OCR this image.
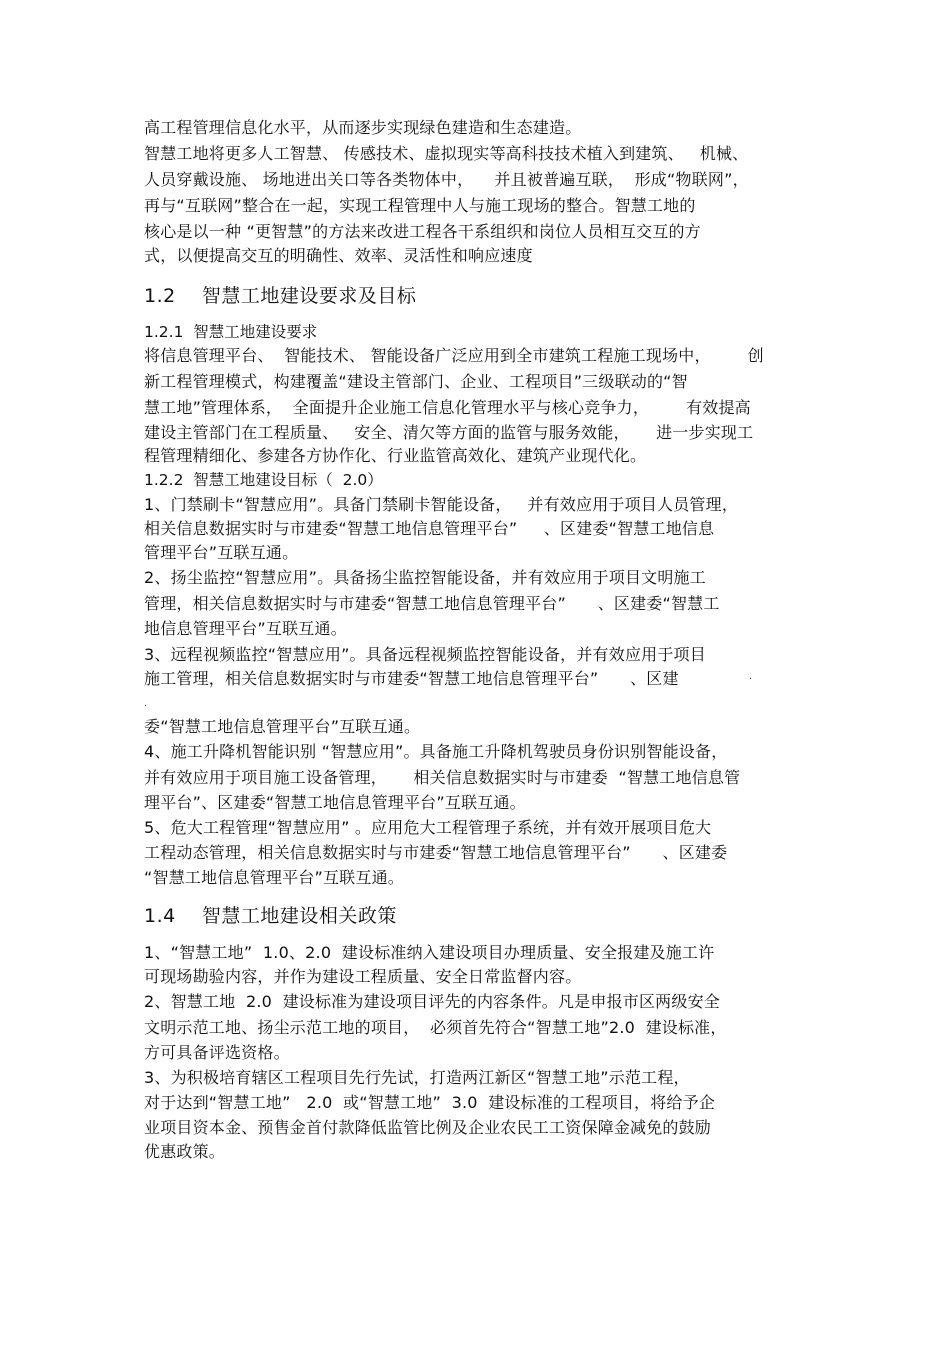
高工程管理信息化水平，从而逐步实现绿色建造和生态建造。
智慧工地将更多人工智慧、 传感技术、虚拟现实等高科技技术植入到建筑、   机械、
人员穿戴设施、 场地进出关口等各类物体中，    并且被普遍互联，  形成“物联网”，
再与“互联网”整合在一起，实现工程管理中人与施工现场的整合。智慧工地的
核心是以一种 “更智慧”的方法来改进工程各干系组织和岗位人员相互交互的方
式，以便提高交互的明确性、效率、灵活性和响应速度
1.2    智慧工地建设要求及目标
1.2.1  智慧工地建设要求
将信息管理平台、  智能技术、 智能设备广泛应用到全市建筑工程施工现场中，       创
新工程管理模式，构建覆盖“建设主管部门、企业、工程项目”三级联动的“智
慧工地”管理体系，  全面提升企业施工信息化管理水平与核心竞争力，       有效提高
建设主管部门在工程质量、   安全、清欠等方面的监管与服务效能，     进一步实现工
程管理精细化、参建各方协作化、行业监管高效化、建筑产业现代化。
1.2.2  智慧工地建设目标（  2.0）
1、门禁刷卡“智慧应用”。具备门禁刷卡智能设备，   并有效应用于项目人员管理，
相关信息数据实时与市建委“智慧工地信息管理平台”     、区建委“智慧工地信息
管理平台”互联互通。
2、扬尘监控“智慧应用”。具备扬尘监控智能设备，并有效应用于项目文明施工
管理，相关信息数据实时与市建委“智慧工地信息管理平台”      、区建委“智慧工
地信息管理平台”互联互通。
3、远程视频监控“智慧应用”。具备远程视频监控智能设备，并有效应用于项目
施工管理，相关信息数据实时与市建委“智慧工地信息管理平台”      、区建	·
·
委“智慧工地信息管理平台”互联互通。
4、施工升降机智能识别 “智慧应用”。具备施工升降机驾驶员身份识别智能设备，
并有效应用于项目施工设备管理，     相关信息数据实时与市建委  “智慧工地信息管
理平台”、区建委“智慧工地信息管理平台”互联互通。
5、危大工程管理“智慧应用” 。应用危大工程管理子系统，并有效开展项目危大
工程动态管理，相关信息数据实时与市建委“智慧工地信息管理平台”      、区建委
“智慧工地信息管理平台”互联互通。
1.4    智慧工地建设相关政策
1、“智慧工地”  1.0、2.0  建设标准纳入建设项目办理质量、安全报建及施工许
可现场勘验内容，并作为建设工程质量、安全日常监督内容。
2、智慧工地  2.0  建设标准为建设项目评先的内容条件。凡是申报市区两级安全
文明示范工地、扬尘示范工地的项目，  必须首先符合“智慧工地”2.0  建设标准，
方可具备评选资格。
3、为积极培育辖区工程项目先行先试，打造两江新区“智慧工地”示范工程，
对于达到“智慧工地”   2.0  或“智慧工地”  3.0  建设标准的工程项目，将给予企
业项目资本金、预售金首付款降低监管比例及企业农民工工资保障金减免的鼓励
优惠政策。
